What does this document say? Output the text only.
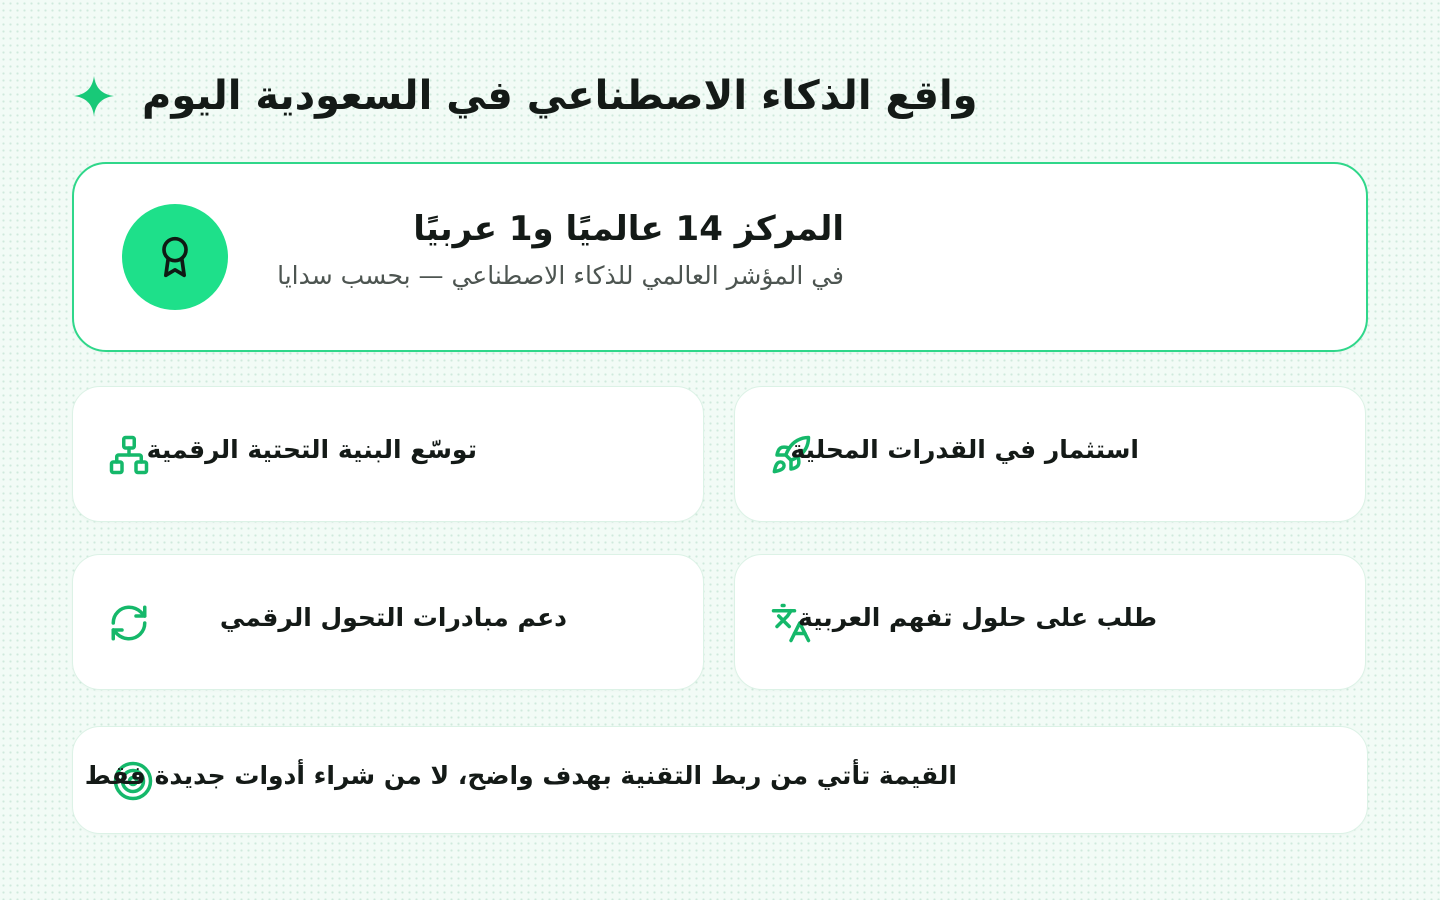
واقع الذكاء الاصطناعي في السعودية اليوم
المركز 14 عالميًا و1 عربيًا
في المؤشر العالمي للذكاء الاصطناعي — بحسب سدايا
استثمار في القدرات المحلية
توسّع البنية التحتية الرقمية
طلب على حلول تفهم العربية
دعم مبادرات التحول الرقمي
القيمة تأتي من ربط التقنية بهدف واضح، لا من شراء أدوات جديدة فقط
